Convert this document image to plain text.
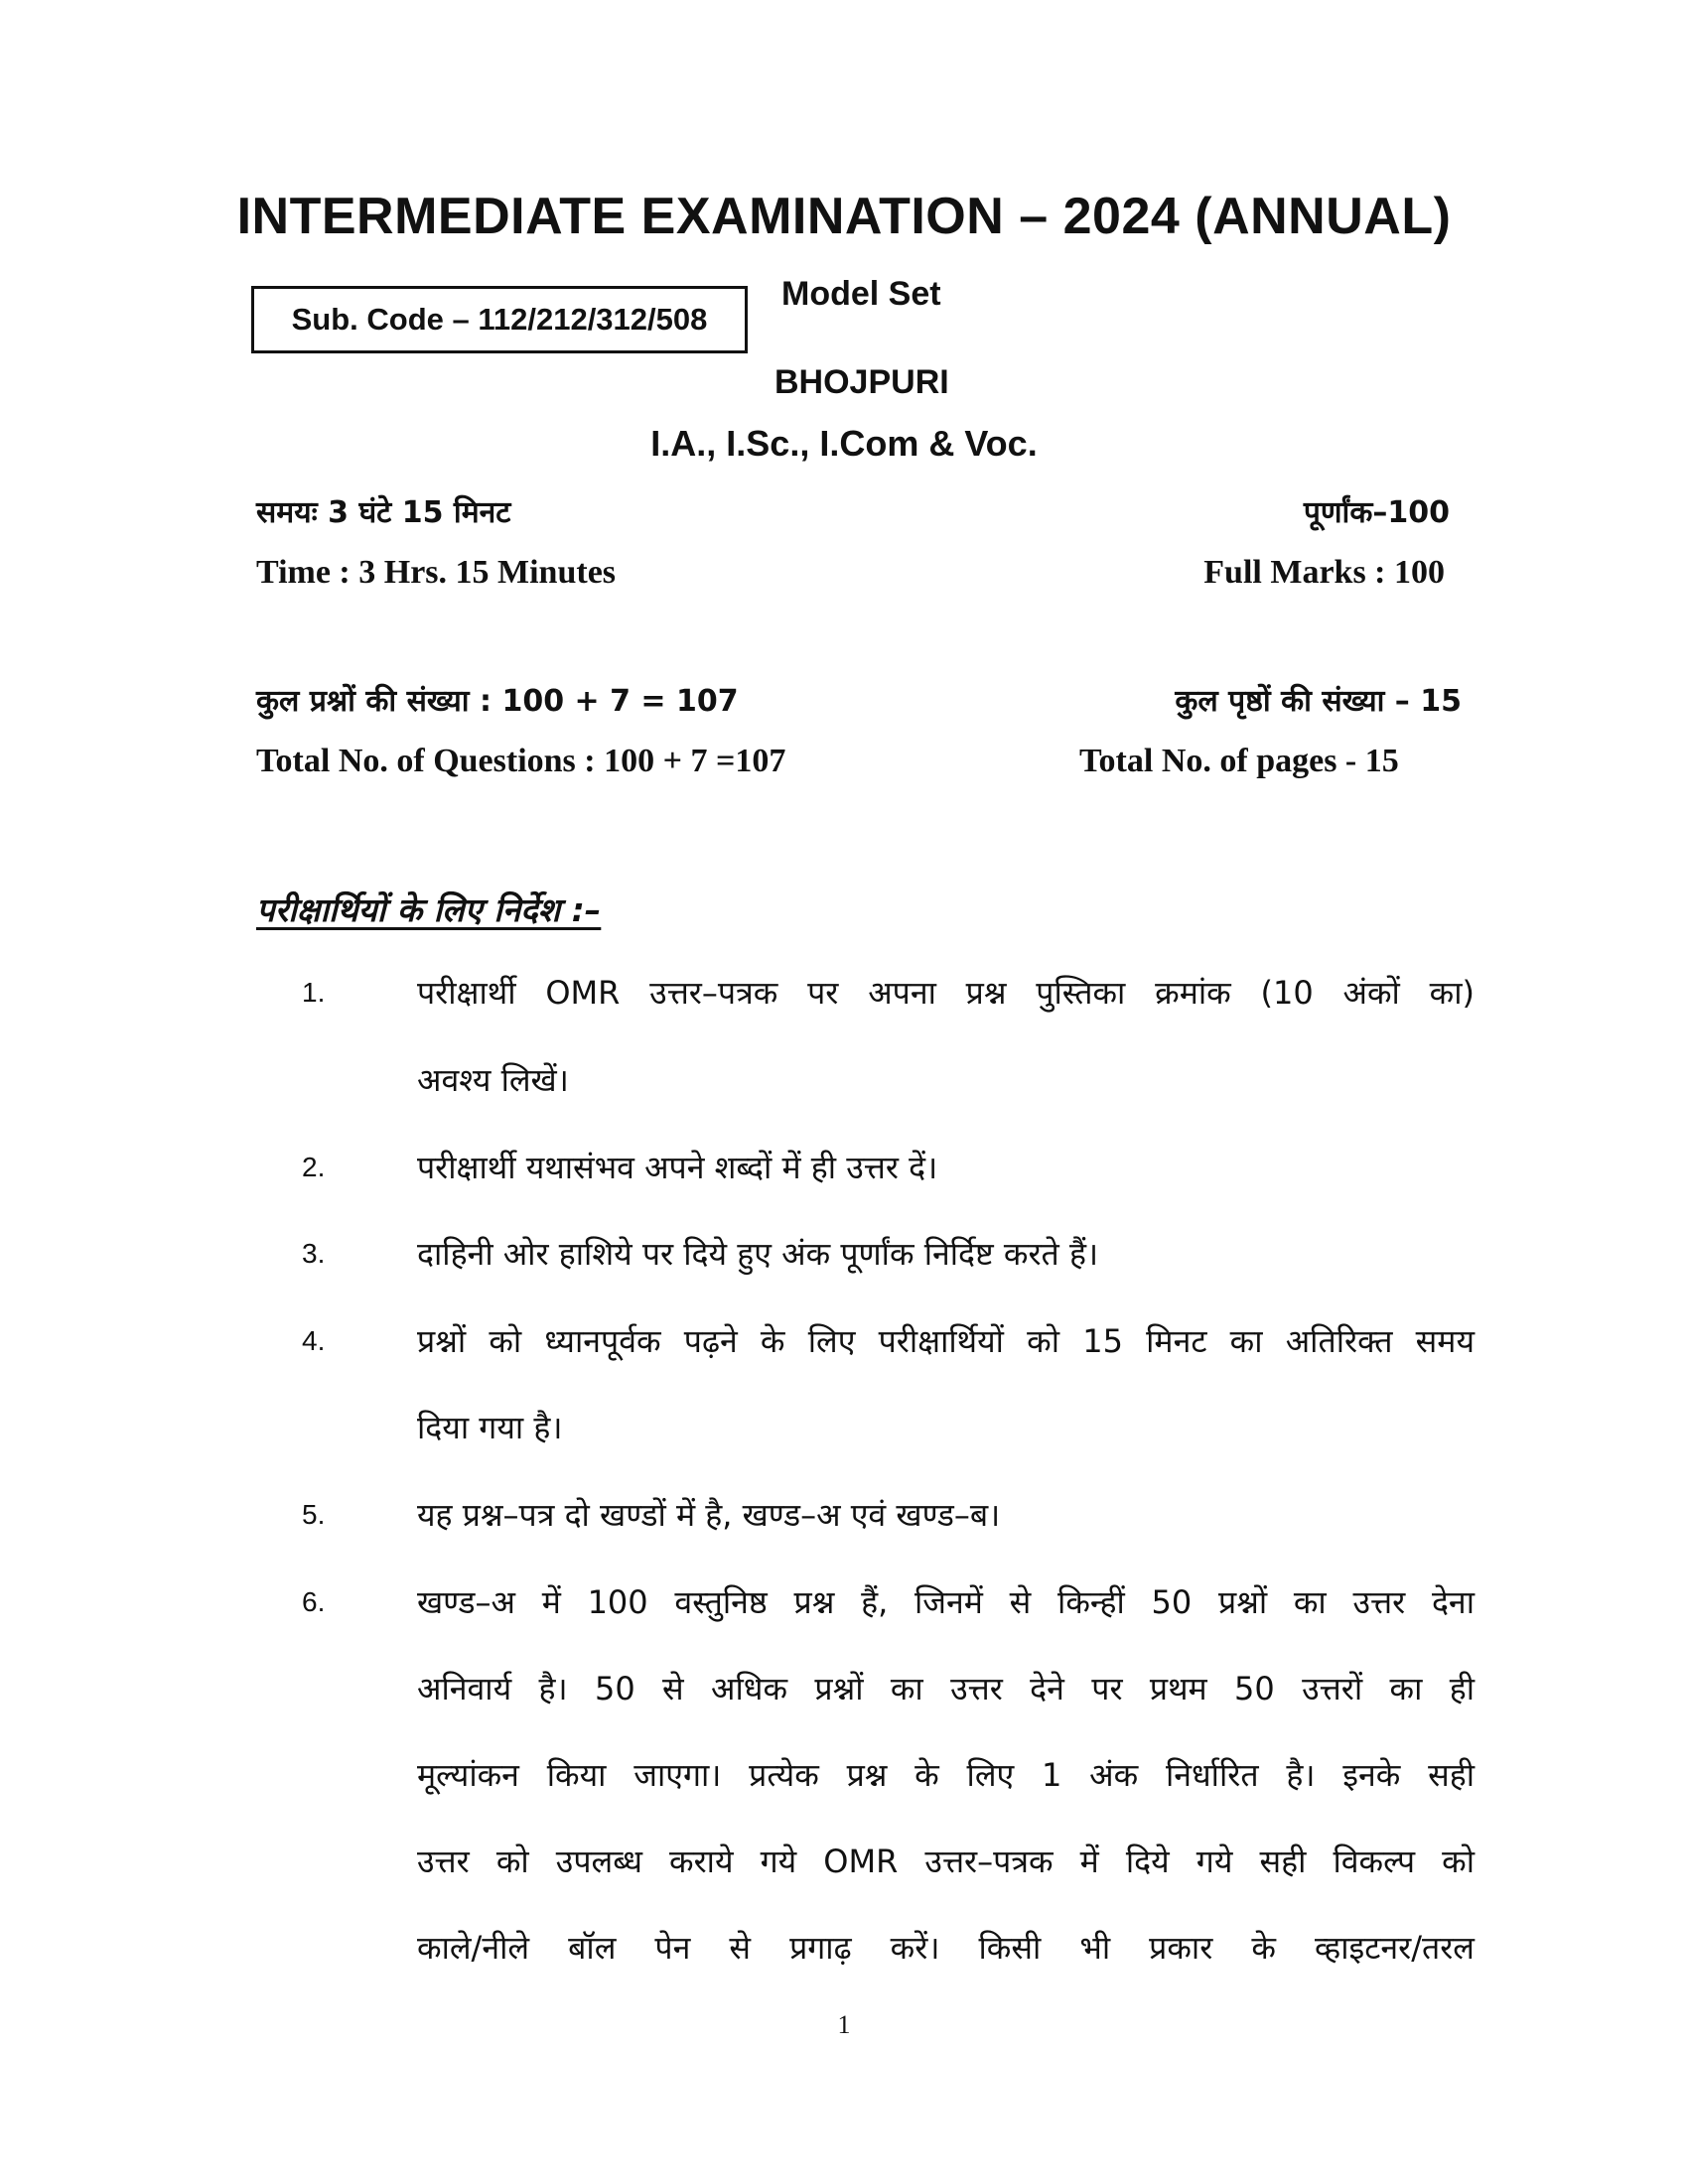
INTERMEDIATE EXAMINATION – 2024 (ANNUAL)
Sub. Code – 112/212/312/508
Model Set
BHOJPURI
I.A., I.Sc., I.Com & Voc.
समयः 3 घंटे 15 मिनट	पूर्णांक–100
Time : 3 Hrs. 15 Minutes	Full Marks : 100
कुल प्रश्नों की संख्या : 100 + 7 = 107	कुल पृष्ठों की संख्या – 15
Total No. of Questions : 100 + 7 =107	Total No. of pages - 15
परीक्षार्थियों के लिए निर्देश :–
1.	परीक्षार्थी OMR उत्तर–पत्रक पर अपना प्रश्न पुस्तिका क्रमांक (10 अंकों का)
अवश्य लिखें।
2.	परीक्षार्थी यथासंभव अपने शब्दों में ही उत्तर दें।
3.	दाहिनी ओर हाशिये पर दिये हुए अंक पूर्णांक निर्दिष्ट करते हैं।
4.	प्रश्नों को ध्यानपूर्वक पढ़ने के लिए परीक्षार्थियों को 15 मिनट का अतिरिक्त समय
दिया गया है।
5.	यह प्रश्न–पत्र दो खण्डों में है, खण्ड–अ एवं खण्ड–ब।
6.	खण्ड–अ में 100 वस्तुनिष्ठ प्रश्न हैं, जिनमें से किन्हीं 50 प्रश्नों का उत्तर देना
अनिवार्य है। 50 से अधिक प्रश्नों का उत्तर देने पर प्रथम 50 उत्तरों का ही
मूल्यांकन किया जाएगा। प्रत्येक प्रश्न के लिए 1 अंक निर्धारित है। इनके सही
उत्तर को उपलब्ध कराये गये OMR उत्तर–पत्रक में दिये गये सही विकल्प को
काले/नीले बॉल पेन से प्रगाढ़ करें। किसी भी प्रकार के व्हाइटनर/तरल
1
